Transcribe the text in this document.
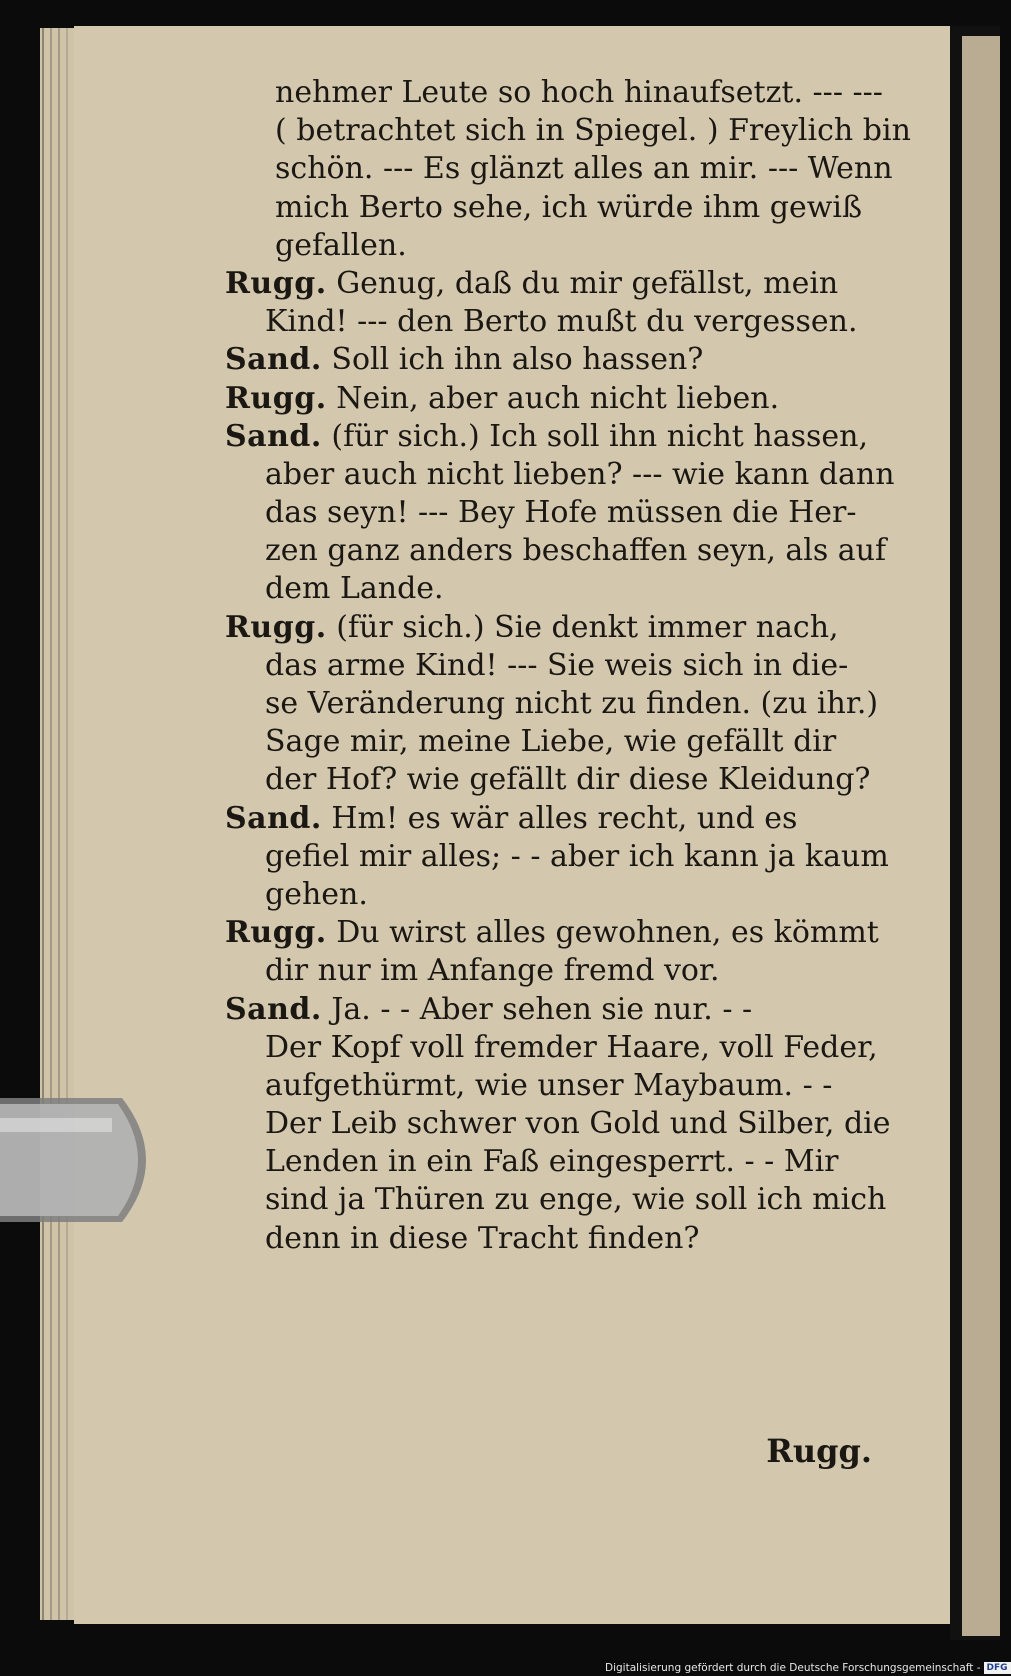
nehmer Leute so hoch hinaufsetzt. --- ---
( betrachtet sich in Spiegel. ) Freylich bin
schön. --- Es glänzt alles an mir. --- Wenn
mich Berto sehe, ich würde ihm gewiß
gefallen.
Rugg. Genug, daß du mir gefällst, mein
Kind! --- den Berto mußt du vergessen.
Sand. Soll ich ihn also hassen?
Rugg. Nein, aber auch nicht lieben.
Sand. (für sich.) Ich soll ihn nicht hassen,
aber auch nicht lieben? --- wie kann dann
das seyn! --- Bey Hofe müssen die Her-
zen ganz anders beschaffen seyn, als auf
dem Lande.
Rugg. (für sich.) Sie denkt immer nach,
das arme Kind! --- Sie weis sich in die-
se Veränderung nicht zu finden. (zu ihr.)
Sage mir, meine Liebe, wie gefällt dir
der Hof? wie gefällt dir diese Kleidung?
Sand. Hm! es wär alles recht, und es
gefiel mir alles; - - aber ich kann ja kaum
gehen.
Rugg. Du wirst alles gewohnen, es kömmt
dir nur im Anfange fremd vor.
Sand. Ja. - - Aber sehen sie nur. - -
Der Kopf voll fremder Haare, voll Feder,
aufgethürmt, wie unser Maybaum. - -
Der Leib schwer von Gold und Silber, die
Lenden in ein Faß eingesperrt. - - Mir
sind ja Thüren zu enge, wie soll ich mich
denn in diese Tracht finden?
Rugg.
Digitalisierung gefördert durch die Deutsche Forschungsgemeinschaft - DFG
